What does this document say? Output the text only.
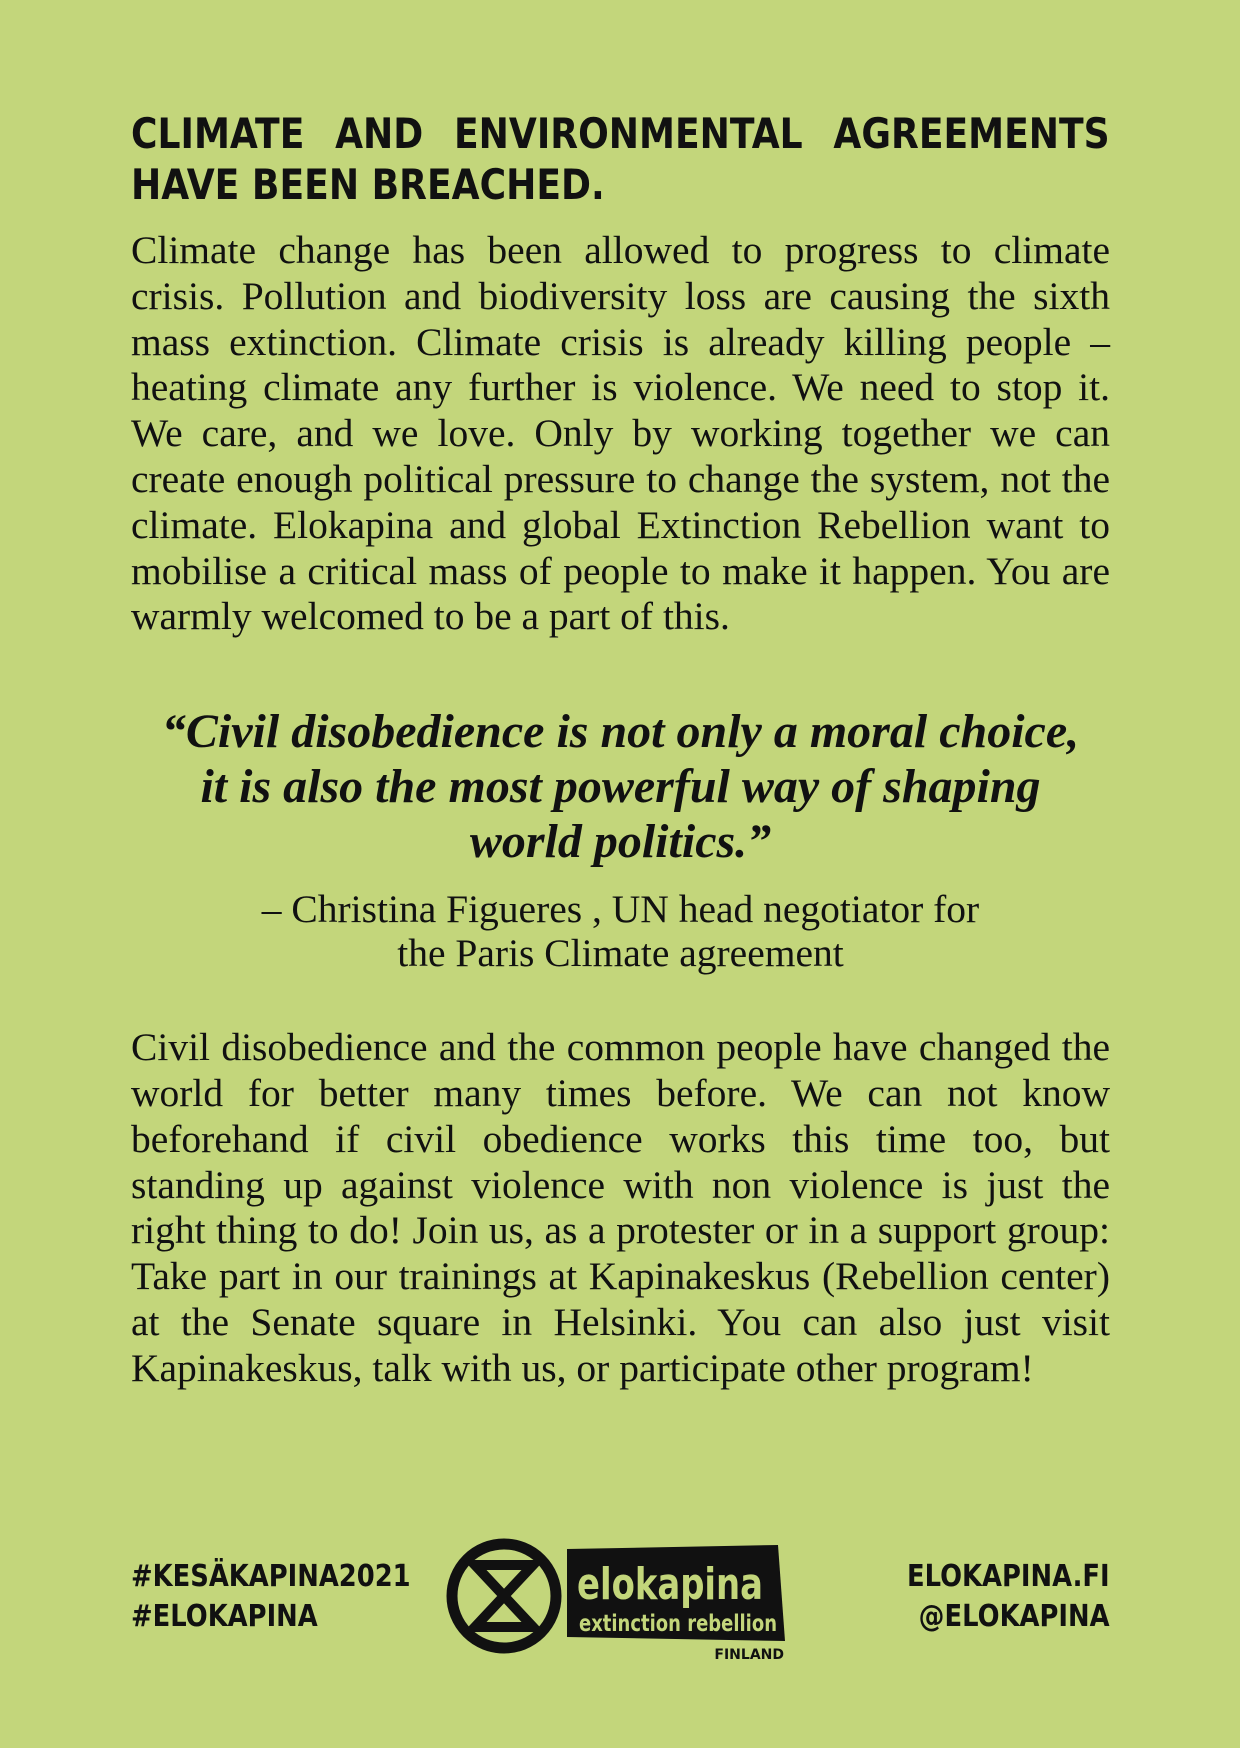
CLIMATE AND ENVIRONMENTAL AGREEMENTS
HAVE BEEN BREACHED.

Climate change has been allowed to progress to climate crisis. Pollution and biodiversity loss are causing the sixth mass extinction. Climate crisis is already killing people – heating climate any further is violence. We need to stop it. We care, and we love. Only by working together we can create enough political pressure to change the system, not the climate. Elokapina and global Extinction Rebellion want to mobilise a critical mass of people to make it happen. You are warmly welcomed to be a part of this.

“Civil disobedience is not only a moral choice,
it is also the most powerful way of shaping
world politics.”

– Christina Figueres , UN head negotiator for
the Paris Climate agreement

Civil disobedience and the common people have changed the world for better many times before. We can not know beforehand if civil obedience works this time too, but standing up against violence with non violence is just the right thing to do! Join us, as a protester or in a support group: Take part in our trainings at Kapinakeskus (Rebellion center) at the Senate square in Helsinki. You can also just visit Kapinakeskus, talk with us, or participate other program!

#KESÄKAPINA2021
#ELOKAPINA
elokapina
extinction rebellion
FINLAND
ELOKAPINA.FI
@ELOKAPINA
